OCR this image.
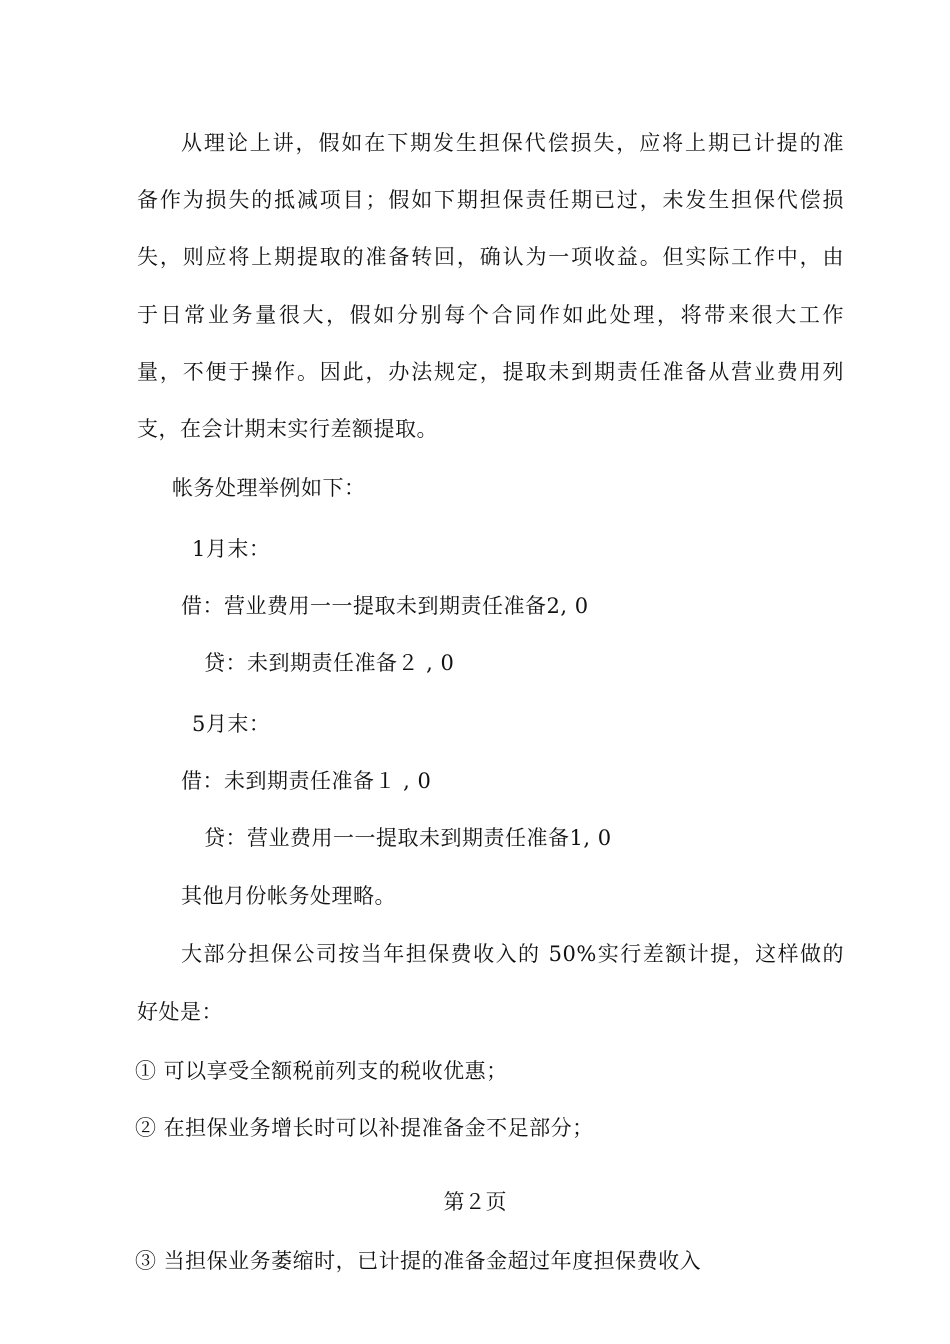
从理论上讲，假如在下期发生担保代偿损失，应将上期已计提的准
备作为损失的抵减项目；假如下期担保责任期已过，未发生担保代偿损
失，则应将上期提取的准备转回，确认为一项收益。但实际工作中，由
于日常业务量很大，假如分别每个合同作如此处理，将带来很大工作
量，不便于操作。因此，办法规定，提取未到期责任准备从营业费用列
支，在会计期末实行差额提取。
帐务处理举例如下：
1月末：
借：营业费用一一提取未到期责任准备2, 0
贷：未到期责任准备２ , 0
5月末：
借：未到期责任准备１ , 0
贷：营业费用一一提取未到期责任准备1, 0
其他月份帐务处理略。
大部分担保公司按当年担保费收入的 50%实行差额计提，这样做的
好处是：
① 可以享受全额税前列支的税收优惠；
② 在担保业务增长时可以补提准备金不足部分；
第２页
③ 当担保业务萎缩时，已计提的准备金超过年度担保费收入
